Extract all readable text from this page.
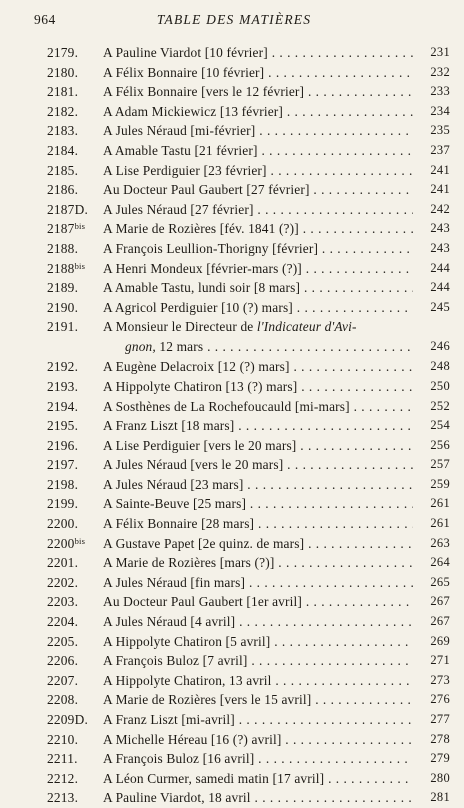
964	TABLE DES MATIÈRES
2179.	A Pauline Viardot [10 février] . . .	231
2180.	A Félix Bonnaire [10 février] . . .	232
2181.	A Félix Bonnaire [vers le 12 février] . . .	233
2182.	A Adam Mickiewicz [13 février] . . .	234
2183.	A Jules Néraud [mi-février] . . .	235
2184.	A Amable Tastu [21 février] . . .	237
2185.	A Lise Perdiguier [23 février] . . .	241
2186.	Au Docteur Paul Gaubert [27 février] . . .	241
2187D.	A Jules Néraud [27 février] . . .	242
$2187^{bis}$	A Marie de Rozières [fév. 1841 (?)] . . .	243
2188.	A François Leullion-Thorigny [février] . . .	243
$2188^{bis}$	A Henri Mondeux [février-mars (?)] . . .	244
2189.	A Amable Tastu, lundi soir [8 mars] . . .	244
2190.	A Agricol Perdiguier [10 (?) mars] . . .	245
2191.	A Monsieur le Directeur de l'Indicateur d'Avi-
gnon, 12 mars . . .	246
2192.	A Eugène Delacroix [12 (?) mars] . . .	248
2193.	A Hippolyte Chatiron [13 (?) mars] . . .	250
2194.	A Sosthènes de La Rochefoucauld [mi-mars] . . .	252
2195.	A Franz Liszt [18 mars] . . .	254
2196.	A Lise Perdiguier [vers le 20 mars] . . .	256
2197.	A Jules Néraud [vers le 20 mars] . . .	257
2198.	A Jules Néraud [23 mars] . . .	259
2199.	A Sainte-Beuve [25 mars] . . .	261
2200.	A Félix Bonnaire [28 mars] . . .	261
$2200^{bis}$	A Gustave Papet [2e quinz. de mars] . . .	263
2201.	A Marie de Rozières [mars (?)] . . .	264
2202.	A Jules Néraud [fin mars] . . .	265
2203.	Au Docteur Paul Gaubert [1er avril] . . .	267
2204.	A Jules Néraud [4 avril] . . .	267
2205.	A Hippolyte Chatiron [5 avril] . . .	269
2206.	A François Buloz [7 avril] . . .	271
2207.	A Hippolyte Chatiron, 13 avril . . .	273
2208.	A Marie de Rozières [vers le 15 avril] . . .	276
2209D.	A Franz Liszt [mi-avril] . . .	277
2210.	A Michelle Héreau [16 (?) avril] . . .	278
2211.	A François Buloz [16 avril] . . .	279
2212.	A Léon Curmer, samedi matin [17 avril] . . .	280
2213.	A Pauline Viardot, 18 avril . . .	281
